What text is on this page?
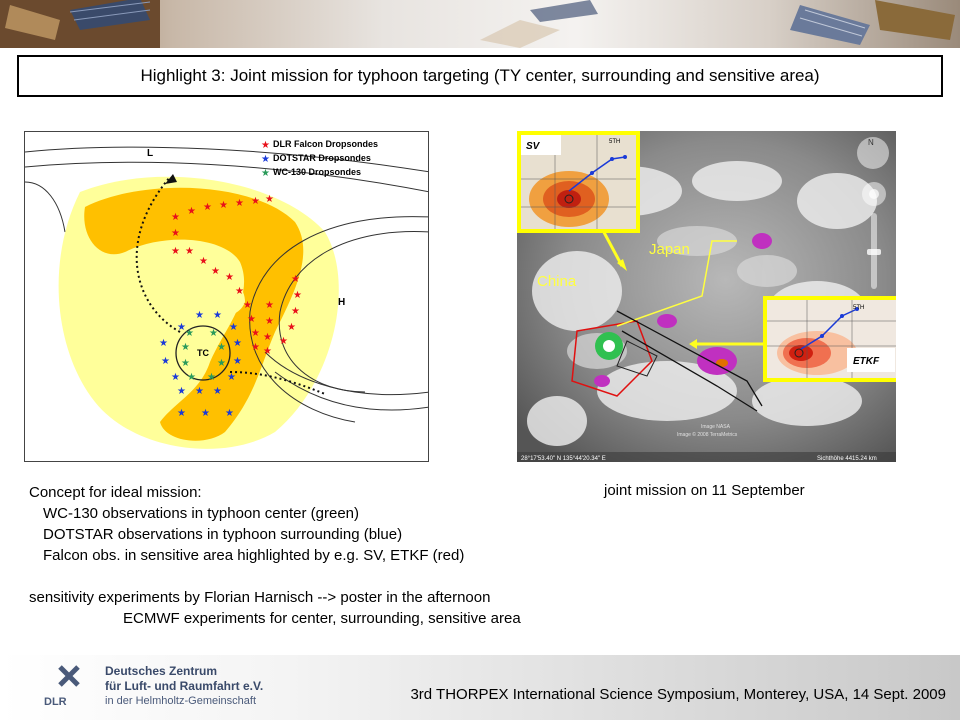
Highlight 3: Joint mission for typhoon targeting (TY center, surrounding and sensitive area)
TC
L
H
★ DLR Falcon Dropsondes
★ DOTSTAR Dropsondes
★ WC-130 Dropsondes
★
★ ★ ★ ★ ★ ★
★
★ ★
★
★
★
★
★
★
★
★
★
★
★
★
★
★
★
★
★
★
★ ★
★
★
★
★
★
★
★
★ ★ ★
★ ★ ★
★ ★
★	★
★	★
★ ★
China
Japan
SV	5TH
ETKF
5TH
N
28°17'53.40" N 135°44'20.34" E	Sichthöhe 4415.24 km
Image NASA
Image © 2008 TerraMetrics
Concept for ideal mission:
WC-130 observations in typhoon center (green)
DOTSTAR observations in typhoon surrounding (blue)
Falcon obs. in sensitive area highlighted by e.g. SV, ETKF (red)
sensitivity experiments by Florian Harnisch --> poster in the afternoon
ECMWF experiments for center, surrounding, sensitive area
joint mission on 11 September
DLR
Deutsches Zentrum
für Luft- und Raumfahrt e.V.
in der Helmholtz-Gemeinschaft	3rd THORPEX International Science Symposium, Monterey, USA, 14 Sept. 2009
